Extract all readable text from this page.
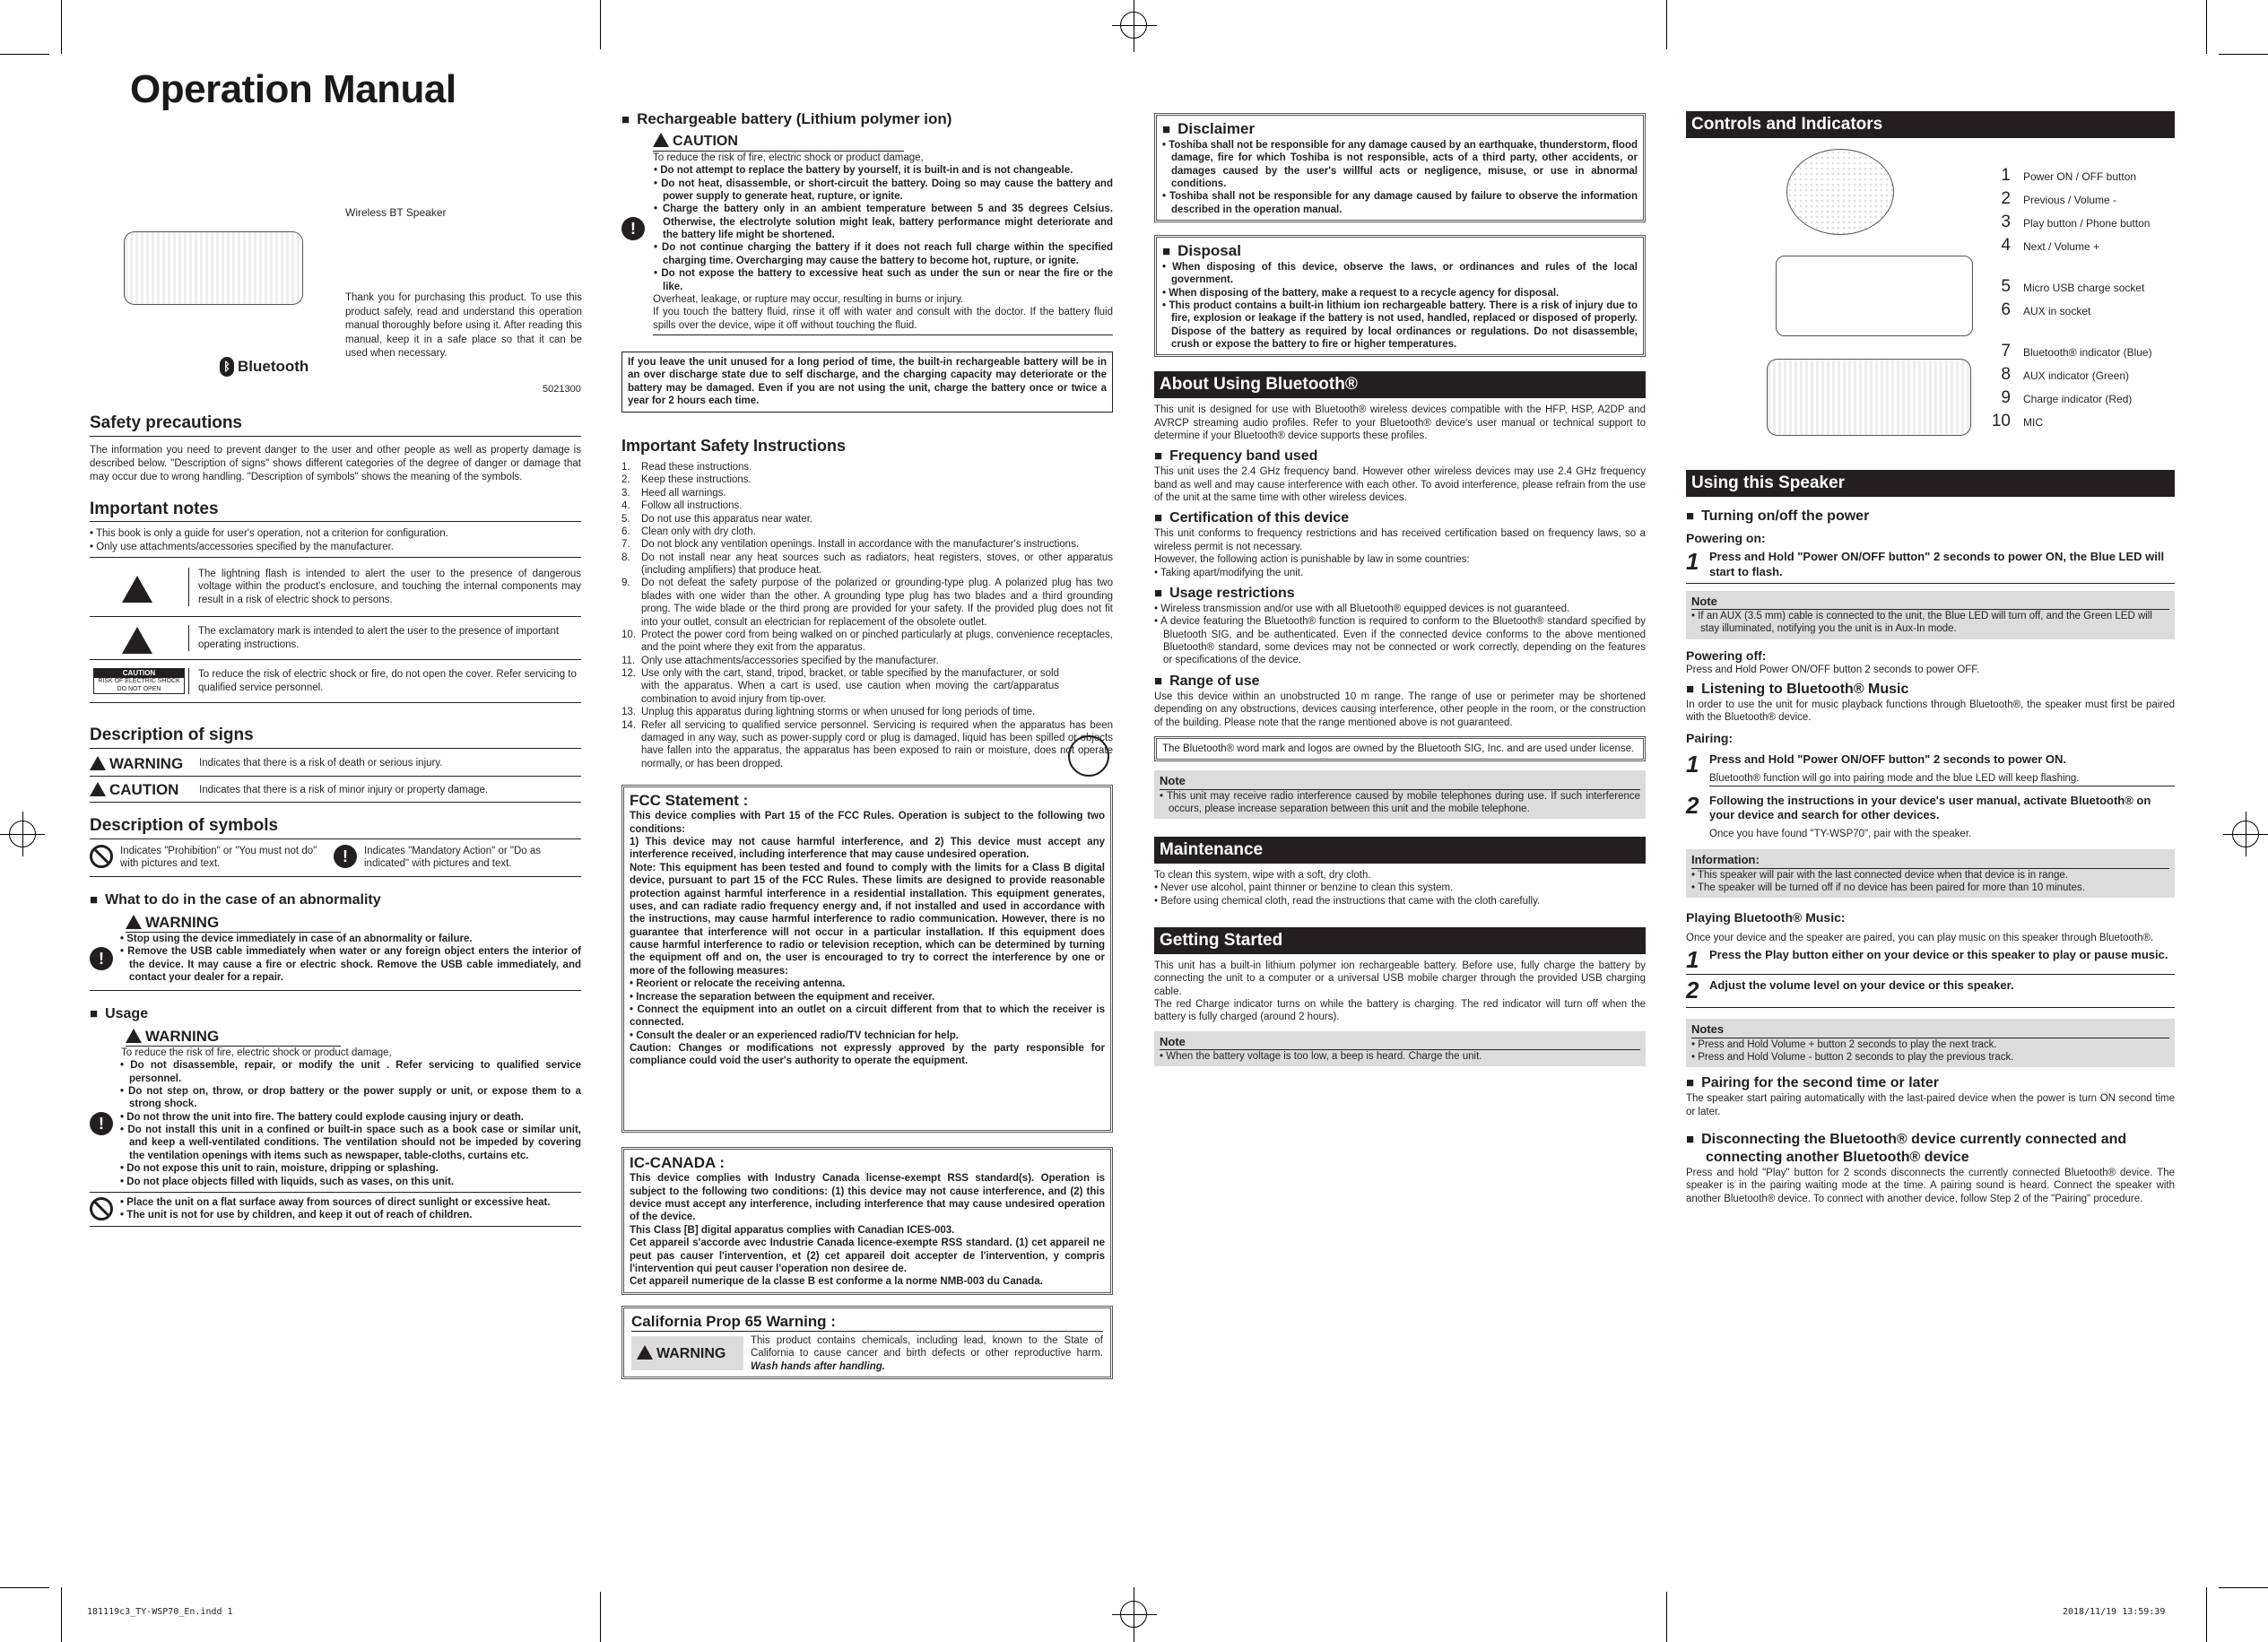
Operation Manual
Wireless BT Speaker
Thank you for purchasing this product. To use this product safely, read and understand this operation manual thoroughly before using it. After reading this manual, keep it in a safe place so that it can be used when necessary.
ᛒ Bluetooth
5021300
Safety precautions
The information you need to prevent danger to the user and other people as well as property damage is described below. "Description of signs" shows different categories of the degree of danger or damage that may occur due to wrong handling. "Description of symbols" shows the meaning of the symbols.
Important notes
• This book is only a guide for user's operation, not a criterion for configuration.
• Only use attachments/accessories specified by the manufacturer.
The lightning flash is intended to alert the user to the presence of dangerous voltage within the product's enclosure, and touching the internal components may result in a risk of electric shock to persons.
The exclamatory mark is intended to alert the user to the presence of important operating instructions.
CAUTION
RISK OF ELECTRIC SHOCK DO NOT OPEN
To reduce the risk of electric shock or fire, do not open the cover. Refer servicing to qualified service personnel.
Description of signs
WARNING	Indicates that there is a risk of death or serious injury.
CAUTION	Indicates that there is a risk of minor injury or property damage.
Description of symbols
Indicates "Prohibition" or "You must not do" with pictures and text.	!	Indicates "Mandatory Action" or "Do as indicated" with pictures and text.
■ What to do in the case of an abnormality
WARNING
!
• Stop using the device immediately in case of an abnormality or failure.
• Remove the USB cable immediately when water or any foreign object enters the interior of the device. It may cause a fire or electric shock. Remove the USB cable immediately, and contact your dealer for a repair.
■ Usage
WARNING
To reduce the risk of fire, electric shock or product damage,
!
• Do not disassemble, repair, or modify the unit . Refer servicing to qualified service personnel.
• Do not step on, throw, or drop battery or the power supply or unit, or expose them to a strong shock.
• Do not throw the unit into fire. The battery could explode causing injury or death.
• Do not install this unit in a confined or built-in space such as a book case or similar unit, and keep a well-ventilated conditions. The ventilation should not be impeded by covering the ventilation openings with items such as newspaper, table-cloths, curtains etc.
• Do not expose this unit to rain, moisture, dripping or splashing.
• Do not place objects filled with liquids, such as vases, on this unit.
• Place the unit on a flat surface away from sources of direct sunlight or excessive heat.
• The unit is not for use by children, and keep it out of reach of children.
■ Rechargeable battery (Lithium polymer ion)
CAUTION
To reduce the risk of fire, electric shock or product damage,
!
• Do not attempt to replace the battery by yourself, it is built-in and is not changeable.
• Do not heat, disassemble, or short-circuit the battery. Doing so may cause the battery and power supply to generate heat, rupture, or ignite.
• Charge the battery only in an ambient temperature between 5 and 35 degrees Celsius. Otherwise, the electrolyte solution might leak, battery performance might deteriorate and the battery life might be shortened.
• Do not continue charging the battery if it does not reach full charge within the specified charging time. Overcharging may cause the battery to become hot, rupture, or ignite.
• Do not expose the battery to excessive heat such as under the sun or near the fire or the like.
Overheat, leakage, or rupture may occur, resulting in burns or injury.
If you touch the battery fluid, rinse it off with water and consult with the doctor. If the battery fluid spills over the device, wipe it off without touching the fluid.
If you leave the unit unused for a long period of time, the built-in rechargeable battery will be in an over discharge state due to self discharge, and the charging capacity may deteriorate or the battery may be damaged. Even if you are not using the unit, charge the battery once or twice a year for 2 hours each time.
Important Safety Instructions
1.	Read these instructions.
2.	Keep these instructions.
3.	Heed all warnings.
4.	Follow all instructions.
5.	Do not use this apparatus near water.
6.	Clean only with dry cloth.
7.	Do not block any ventilation openings. Install in accordance with the manufacturer's instructions.
8.	Do not install near any heat sources such as radiators, heat registers, stoves, or other apparatus (including amplifiers) that produce heat.
9.	Do not defeat the safety purpose of the polarized or grounding-type plug. A polarized plug has two blades with one wider than the other. A grounding type plug has two blades and a third grounding prong. The wide blade or the third prong are provided for your safety. If the provided plug does not fit into your outlet, consult an electrician for replacement of the obsolete outlet.
10. Protect the power cord from being walked on or pinched particularly at plugs, convenience receptacles, and the point where they exit from the apparatus.
11. Only use attachments/accessories specified by the manufacturer.
12. Use only with the cart, stand, tripod, bracket, or table specified by the manufacturer, or sold with the apparatus. When a cart is used, use caution when moving the cart/apparatus combination to avoid injury from tip-over.
13. Unplug this apparatus during lightning storms or when unused for long periods of time.
14. Refer all servicing to qualified service personnel. Servicing is required when the apparatus has been damaged in any way, such as power-supply cord or plug is damaged, liquid has been spilled or objects have fallen into the apparatus, the apparatus has been exposed to rain or moisture, does not operate normally, or has been dropped.
FCC Statement :
This device complies with Part 15 of the FCC Rules. Operation is subject to the following two conditions:
1) This device may not cause harmful interference, and 2) This device must accept any interference received, including interference that may cause undesired operation.
Note: This equipment has been tested and found to comply with the limits for a Class B digital device, pursuant to part 15 of the FCC Rules. These limits are designed to provide reasonable protection against harmful interference in a residential installation. This equipment generates, uses, and can radiate radio frequency energy and, if not installed and used in accordance with the instructions, may cause harmful interference to radio communication. However, there is no guarantee that interference will not occur in a particular installation. If this equipment does cause harmful interference to radio or television reception, which can be determined by turning the equipment off and on, the user is encouraged to try to correct the interference by one or more of the following measures:
• Reorient or relocate the receiving antenna.
• Increase the separation between the equipment and receiver.
• Connect the equipment into an outlet on a circuit different from that to which the receiver is connected.
• Consult the dealer or an experienced radio/TV technician for help.
Caution: Changes or modifications not expressly approved by the party responsible for compliance could void the user's authority to operate the equipment.
IC-CANADA :
This device complies with Industry Canada license-exempt RSS standard(s). Operation is subject to the following two conditions: (1) this device may not cause interference, and (2) this device must accept any interference, including interference that may cause undesired operation of the device.
This Class [B] digital apparatus complies with Canadian ICES-003.
Cet appareil s'accorde avec Industrie Canada licence-exempte RSS standard. (1) cet appareil ne peut pas causer l'intervention, et (2) cet appareil doit accepter de l'intervention, y compris l'intervention qui peut causer l'operation non desiree de.
Cet appareil numerique de la classe B est conforme a la norme NMB-003 du Canada.
California Prop 65 Warning :
WARNING
This product contains chemicals, including lead, known to the State of California to cause cancer and birth defects or other reproductive harm. Wash hands after handling.
■ Disclaimer
• Toshiba shall not be responsible for any damage caused by an earthquake, thunderstorm, flood damage, fire for which Toshiba is not responsible, acts of a third party, other accidents, or damages caused by the user's willful acts or negligence, misuse, or use in abnormal conditions.
• Toshiba shall not be responsible for any damage caused by failure to observe the information described in the operation manual.
■ Disposal
• When disposing of this device, observe the laws, or ordinances and rules of the local government.
• When disposing of the battery, make a request to a recycle agency for disposal.
• This product contains a built-in lithium ion rechargeable battery. There is a risk of injury due to fire, explosion or leakage if the battery is not used, handled, replaced or disposed of properly. Dispose of the battery as required by local ordinances or regulations. Do not disassemble, crush or expose the battery to fire or higher temperatures.
About Using Bluetooth®
This unit is designed for use with Bluetooth® wireless devices compatible with the HFP, HSP, A2DP and AVRCP streaming audio profiles. Refer to your Bluetooth® device's user manual or technical support to determine if your Bluetooth® device supports these profiles.
■ Frequency band used
This unit uses the 2.4 GHz frequency band. However other wireless devices may use 2.4 GHz frequency band as well and may cause interference with each other. To avoid interference, please refrain from the use of the unit at the same time with other wireless devices.
■ Certification of this device
This unit conforms to frequency restrictions and has received certification based on frequency laws, so a wireless permit is not necessary.
However, the following action is punishable by law in some countries:
• Taking apart/modifying the unit.
■ Usage restrictions
• Wireless transmission and/or use with all Bluetooth® equipped devices is not guaranteed.
• A device featuring the Bluetooth® function is required to conform to the Bluetooth® standard specified by Bluetooth SIG, and be authenticated. Even if the connected device conforms to the above mentioned Bluetooth® standard, some devices may not be connected or work correctly, depending on the features or specifications of the device.
■ Range of use
Use this device within an unobstructed 10 m range. The range of use or perimeter may be shortened depending on any obstructions, devices causing interference, other people in the room, or the construction of the building. Please note that the range mentioned above is not guaranteed.
The Bluetooth® word mark and logos are owned by the Bluetooth SIG, Inc. and are used under license.
Note
• This unit may receive radio interference caused by mobile telephones during use. If such interference occurs, please increase separation between this unit and the mobile telephone.
Maintenance
To clean this system, wipe with a soft, dry cloth.
• Never use alcohol, paint thinner or benzine to clean this system.
• Before using chemical cloth, read the instructions that came with the cloth carefully.
Getting Started
This unit has a built-in lithium polymer ion rechargeable battery. Before use, fully charge the battery by connecting the unit to a computer or a universal USB mobile charger through the provided USB charging cable.
The red Charge indicator turns on while the battery is charging. The red indicator will turn off when the battery is fully charged (around 2 hours).
Note
• When the battery voltage is too low, a beep is heard. Charge the unit.
Controls and Indicators
1 Power ON / OFF button
2 Previous / Volume -
3 Play button / Phone button
4 Next / Volume +
5 Micro USB charge socket
6 AUX in socket
7 Bluetooth® indicator (Blue)
8 AUX indicator (Green)
9 Charge indicator (Red)
10 MIC
Using this Speaker
■ Turning on/off the power
Powering on:
1 Press and Hold "Power ON/OFF button" 2 seconds to power ON, the Blue LED will start to flash.
Note
• If an AUX (3.5 mm) cable is connected to the unit, the Blue LED will turn off, and the Green LED will stay illuminated, notifying you the unit is in Aux-In mode.
Powering off:
Press and Hold Power ON/OFF button 2 seconds to power OFF.
■ Listening to Bluetooth® Music
In order to use the unit for music playback functions through Bluetooth®, the speaker must first be paired with the Bluetooth® device.
Pairing:
1 Press and Hold "Power ON/OFF button" 2 seconds to power ON.
Bluetooth® function will go into pairing mode and the blue LED will keep flashing.
2 Following the instructions in your device's user manual, activate Bluetooth® on your device and search for other devices.
Once you have found "TY-WSP70", pair with the speaker.
Information:
• This speaker will pair with the last connected device when that device is in range.
• The speaker will be turned off if no device has been paired for more than 10 minutes.
Playing Bluetooth® Music:
Once your device and the speaker are paired, you can play music on this speaker through Bluetooth®.
1 Press the Play button either on your device or this speaker to play or pause music.
2 Adjust the volume level on your device or this speaker.
Notes
• Press and Hold Volume + button 2 seconds to play the next track.
• Press and Hold Volume - button 2 seconds to play the previous track.
■ Pairing for the second time or later
The speaker start pairing automatically with the last-paired device when the power is turn ON second time or later.
■ Disconnecting the Bluetooth® device currently connected and connecting another Bluetooth® device
Press and hold "Play" button for 2 sconds disconnects the currently connected Bluetooth® device. The speaker is in the pairing waiting mode at the time. A pairing sound is heard. Connect the speaker with another Bluetooth® device. To connect with another device, follow Step 2 of the "Pairing" procedure.
181119c3_TY-WSP70_En.indd 1	2018/11/19 13:59:39
